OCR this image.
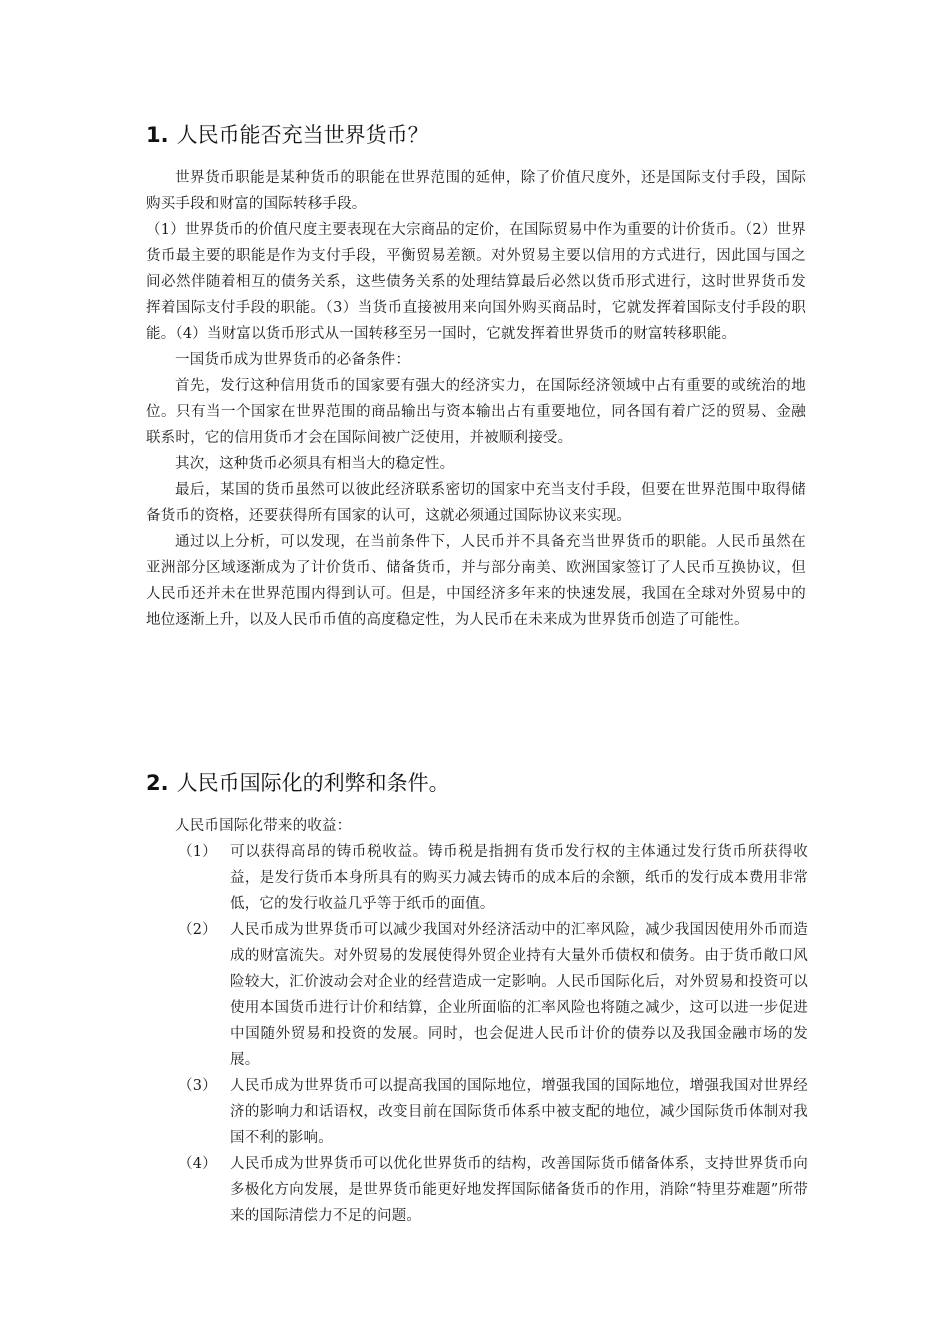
1. 人民币能否充当世界货币？

世界货币职能是某种货币的职能在世界范围的延伸，除了价值尺度外，还是国际支付手段，国际购买手段和财富的国际转移手段。

（1）世界货币的价值尺度主要表现在大宗商品的定价，在国际贸易中作为重要的计价货币。（2）世界货币最主要的职能是作为支付手段，平衡贸易差额。对外贸易主要以信用的方式进行，因此国与国之间必然伴随着相互的债务关系，这些债务关系的处理结算最后必然以货币形式进行，这时世界货币发挥着国际支付手段的职能。（3）当货币直接被用来向国外购买商品时，它就发挥着国际支付手段的职能。（4）当财富以货币形式从一国转移至另一国时，它就发挥着世界货币的财富转移职能。

一国货币成为世界货币的必备条件：

首先，发行这种信用货币的国家要有强大的经济实力，在国际经济领域中占有重要的或统治的地位。只有当一个国家在世界范围的商品输出与资本输出占有重要地位，同各国有着广泛的贸易、金融联系时，它的信用货币才会在国际间被广泛使用，并被顺利接受。

其次，这种货币必须具有相当大的稳定性。

最后，某国的货币虽然可以彼此经济联系密切的国家中充当支付手段，但要在世界范围中取得储备货币的资格，还要获得所有国家的认可，这就必须通过国际协议来实现。

通过以上分析，可以发现，在当前条件下，人民币并不具备充当世界货币的职能。人民币虽然在亚洲部分区域逐渐成为了计价货币、储备货币，并与部分南美、欧洲国家签订了人民币互换协议，但人民币还并未在世界范围内得到认可。但是，中国经济多年来的快速发展，我国在全球对外贸易中的地位逐渐上升，以及人民币币值的高度稳定性，为人民币在未来成为世界货币创造了可能性。

2. 人民币国际化的利弊和条件。

人民币国际化带来的收益：

（1） 可以获得高昂的铸币税收益。铸币税是指拥有货币发行权的主体通过发行货币所获得收益，是发行货币本身所具有的购买力减去铸币的成本后的余额，纸币的发行成本费用非常低，它的发行收益几乎等于纸币的面值。
（2） 人民币成为世界货币可以减少我国对外经济活动中的汇率风险，减少我国因使用外币而造成的财富流失。对外贸易的发展使得外贸企业持有大量外币债权和债务。由于货币敞口风险较大，汇价波动会对企业的经营造成一定影响。人民币国际化后，对外贸易和投资可以使用本国货币进行计价和结算，企业所面临的汇率风险也将随之减少，这可以进一步促进中国随外贸易和投资的发展。同时，也会促进人民币计价的债券以及我国金融市场的发展。
（3） 人民币成为世界货币可以提高我国的国际地位，增强我国的国际地位，增强我国对世界经济的影响力和话语权，改变目前在国际货币体系中被支配的地位，减少国际货币体制对我国不利的影响。
（4） 人民币成为世界货币可以优化世界货币的结构，改善国际货币储备体系，支持世界货币向多极化方向发展，是世界货币能更好地发挥国际储备货币的作用，消除“特里芬难题”所带来的国际清偿力不足的问题。
